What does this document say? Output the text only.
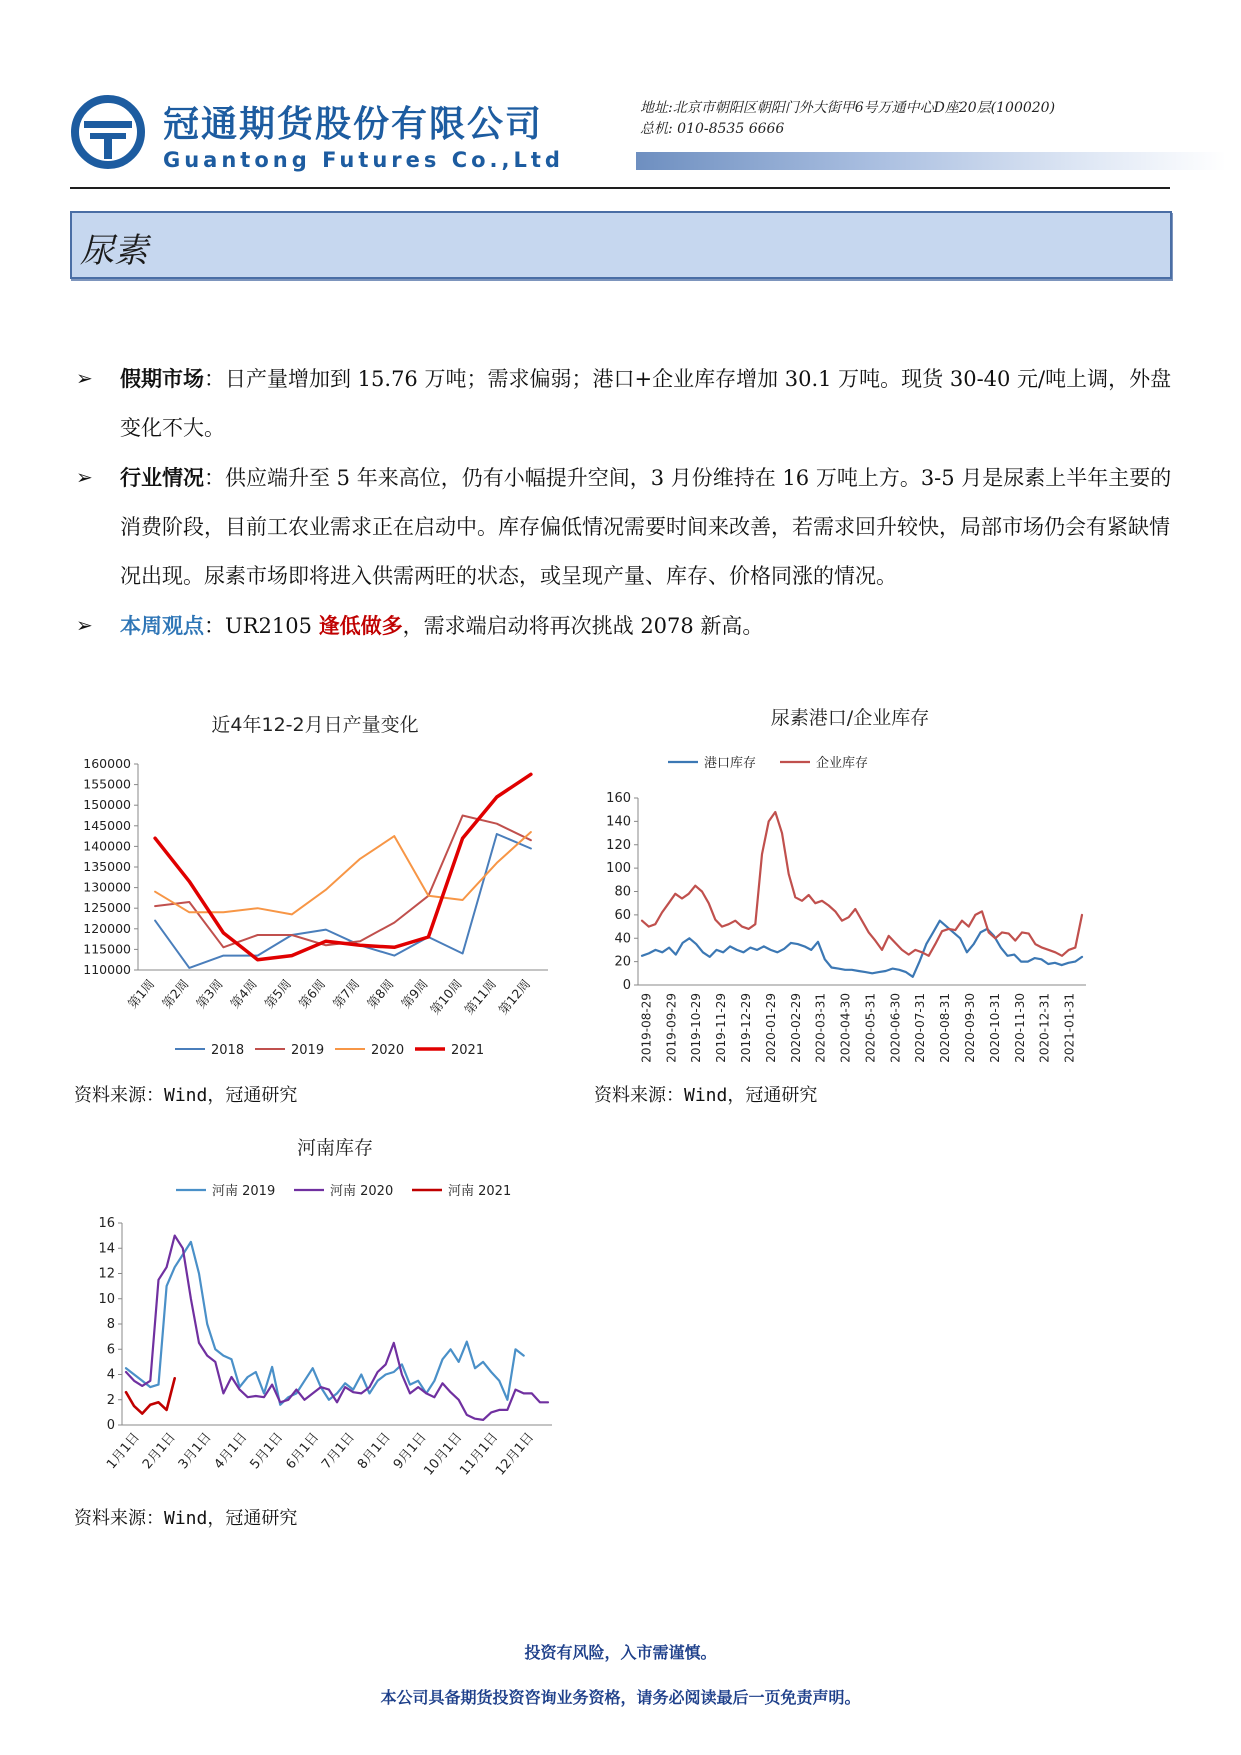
冠通期货股份有限公司
Guantong Futures Co.,Ltd
地址:北京市朝阳区朝阳门外大街甲6号万通中心D座20层(100020)
总机: 010-8535 6666
尿素
➢ 假期市场：日产量增加到 15.76 万吨；需求偏弱；港口+企业库存增加 30.1 万吨。现货 30-40 元/吨上调，外盘变化不大。
➢ 行业情况：供应端升至 5 年来高位，仍有小幅提升空间，3 月份维持在 16 万吨上方。3-5 月是尿素上半年主要的消费阶段，目前工农业需求正在启动中。库存偏低情况需要时间来改善，若需求回升较快，局部市场仍会有紧缺情况出现。尿素市场即将进入供需两旺的状态，或呈现产量、库存、价格同涨的情况。
➢ 本周观点：UR2105 逢低做多，需求端启动将再次挑战 2078 新高。
近4年12-2月日产量变化
110000
115000
120000
125000
130000
135000
140000
145000
150000
155000
160000
第1周 第2周 第3周 第4周 第5周 第6周 第7周 第8周 第9周
第10周
第11周
第12周
2018	2019	2020	2021
尿素港口/企业库存
0
20
40
60
80
100
120
140
160
2019-08-29 2019-09-29 2019-10-29 2019-11-29 2019-12-29 2020-01-29 2020-02-29 2020-03-31 2020-04-30 2020-05-31 2020-06-30 2020-07-31 2020-08-31 2020-09-30 2020-10-31 2020-11-30 2020-12-31 2021-01-31
港口库存	企业库存
河南库存
0
2
4
6
8
10
12
14
16
1月1日
2月1日
3月1日
4月1日
5月1日
6月1日
7月1日
8月1日
9月1日
10月1日
11月1日
12月1日
河南 2019	河南 2020	河南 2021
资料来源：Wind，冠通研究	资料来源：Wind，冠通研究
资料来源：Wind，冠通研究
投资有风险，入市需谨慎。
本公司具备期货投资咨询业务资格，请务必阅读最后一页免责声明。
